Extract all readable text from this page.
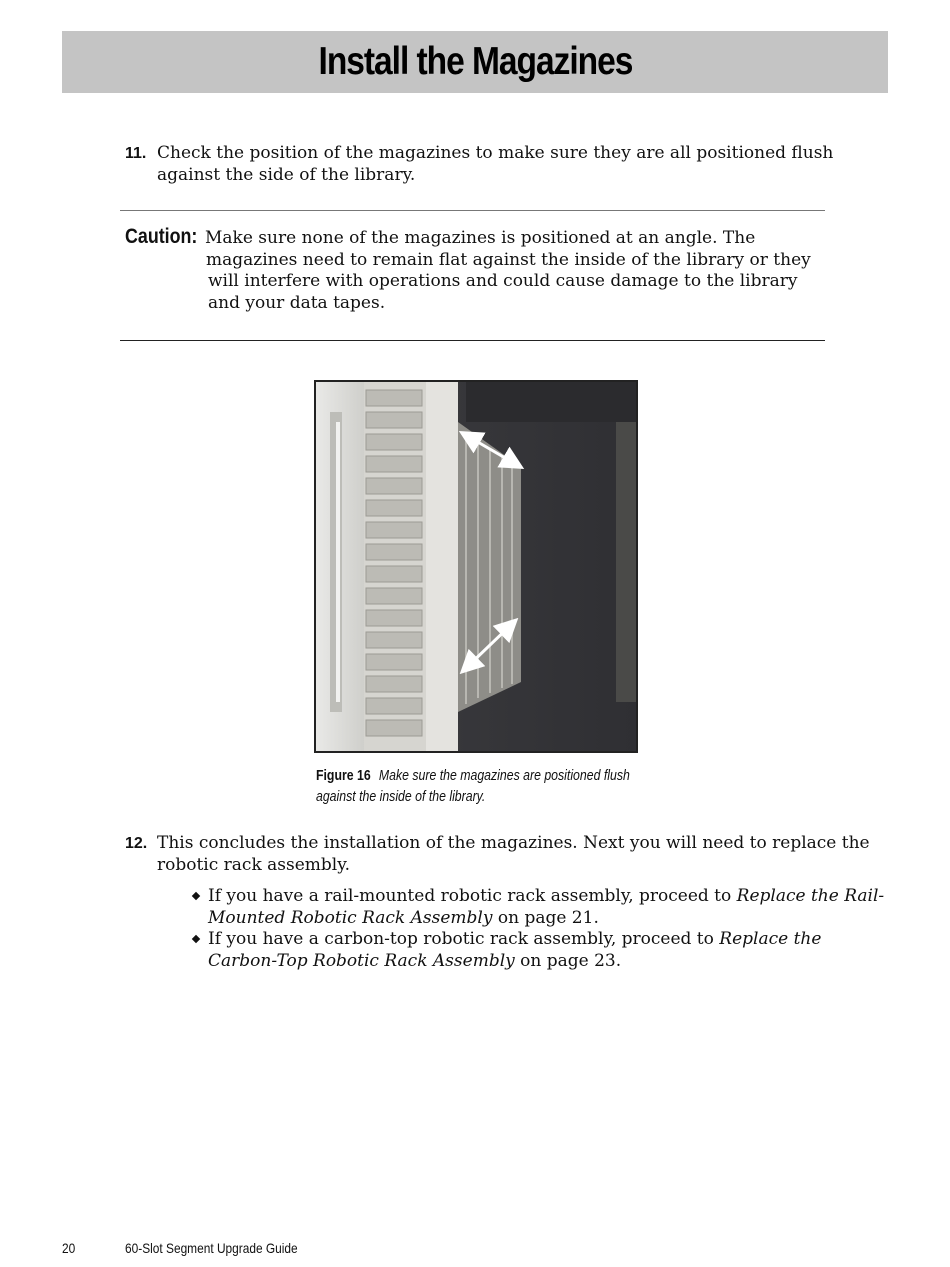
Install the Magazines
11. Check the position of the magazines to make sure they are all positioned flush against the side of the library.
Caution: Make sure none of the magazines is positioned at an angle. The
magazines need to remain flat against the inside of the library or they will interfere with operations and could cause damage to the library and your data tapes.
Figure 16 Make sure the magazines are positioned flush against the inside of the library.
12. This concludes the installation of the magazines. Next you will need to replace the robotic rack assembly.
If you have a rail-mounted robotic rack assembly, proceed to Replace the Rail-Mounted Robotic Rack Assembly on page 21.
If you have a carbon-top robotic rack assembly, proceed to Replace the Carbon-Top Robotic Rack Assembly on page 23.
20	60-Slot Segment Upgrade Guide
